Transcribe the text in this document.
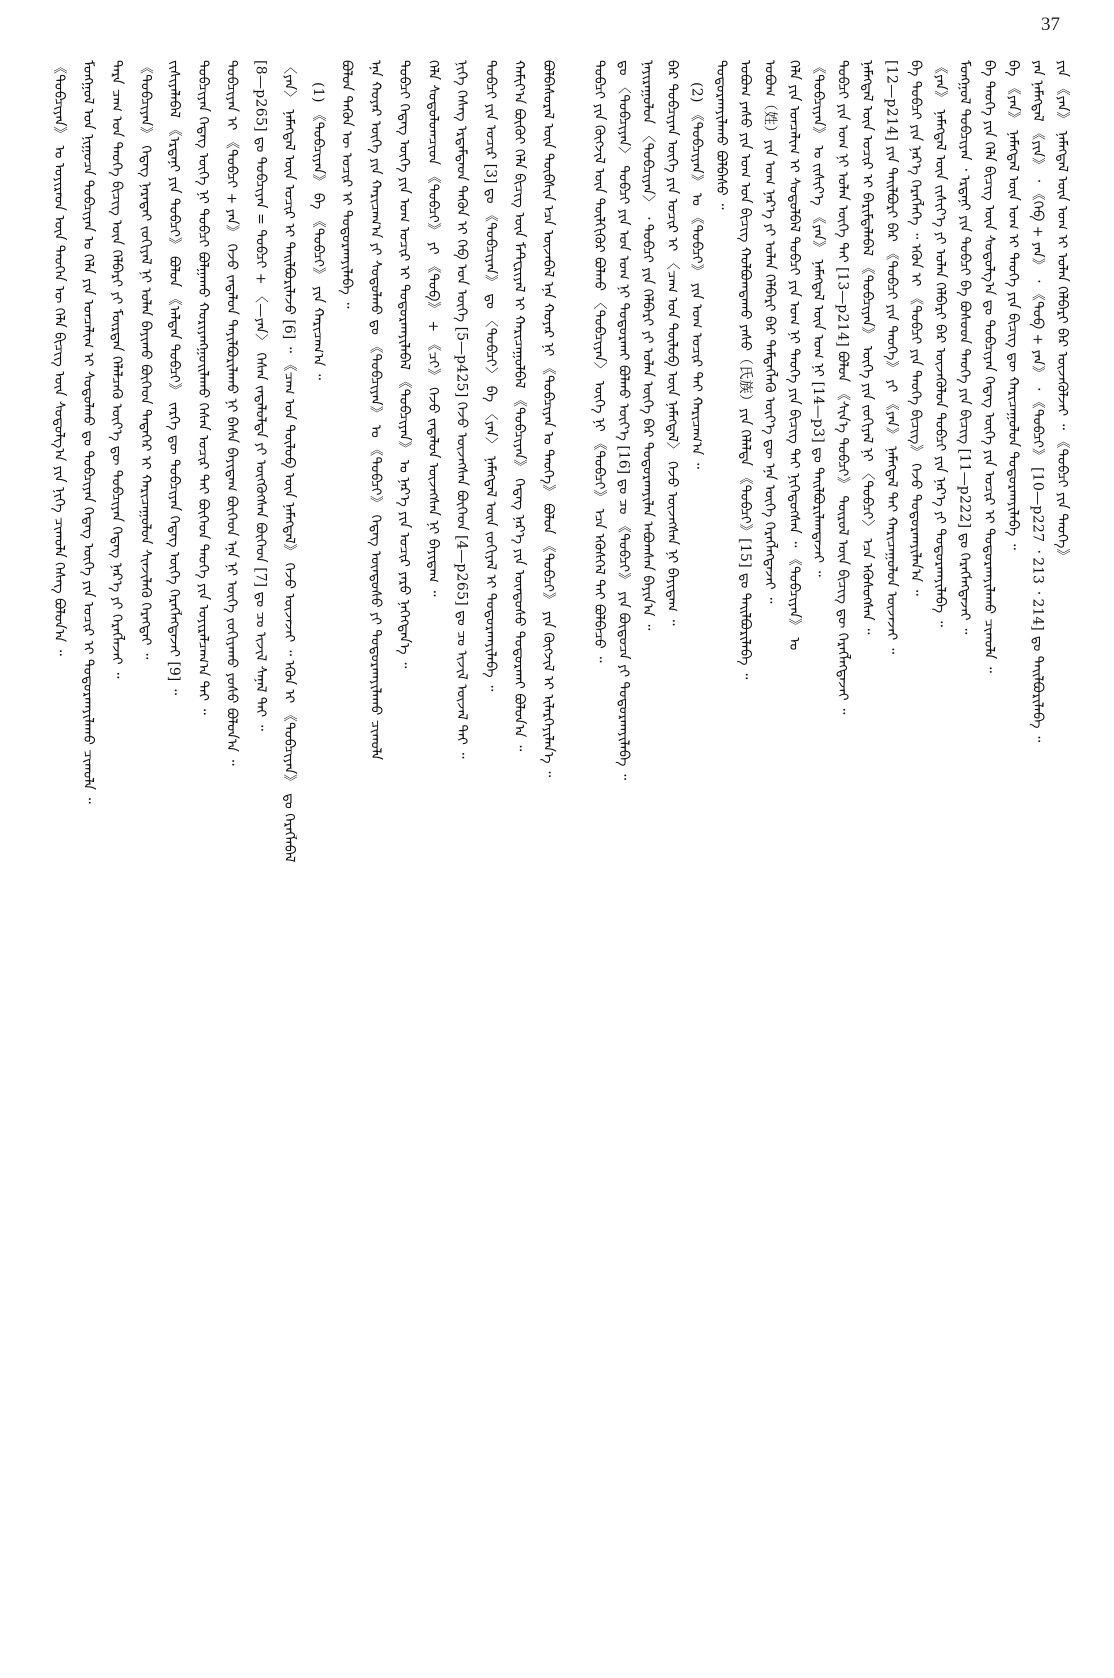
37
《ᠲᠣᠪᠴᠢᠶᠠᠨ》 ᠤ ᠣᠶᠢᠷᠠᠳ ᠦᠨ ᠲᠡᠦᠬᠡᠨ ᠦ ᠬᠡᠯᠡ ᠪᠢᠴᠢᠭ ᠦᠨ ᠰᠤᠳᠤᠯᠭ᠎ᠠ ᠶᠢᠨ ᠨᠢᠭᠡ ᠴᠢᠬᠤᠯᠠ ᠬᠡᠰᠡᠭ ᠪᠣᠯᠤᠨ᠎ᠠ ᠃ ᠮᠣᠩᠭᠣᠯ ᠤᠨ ᠨᠢᠭᠤᠴᠠ ᠲᠣᠪᠴᠢᠶᠠᠨ ᠤ ᠬᠡᠯᠡ ᠶᠢᠨ ᠣᠨᠴᠠᠯᠢᠭ ᠢ ᠰᠤᠳᠤᠯᠬᠤ ᠳᠤ ᠲᠣᠪᠴᠢᠶᠠᠨ ᠭᠡᠳᠡᠭ ᠦᠭᠡ ᠶᠢᠨ ᠤᠴᠢᠷ ᠢ ᠲᠣᠳᠣᠷᠬᠠᠶᠢᠯᠠᠬᠤ ᠴᠢᠬᠤᠯᠠ ᠃ ᠲᠡᠷᠡ ᠴᠠᠭ ᠤᠨ ᠲᠡᠦᠬᠡ ᠪᠢᠴᠢᠭ ᠦᠨ ᠬᠡᠯᠪᠡᠷᠢ ᠶᠢ ᠮᠥᠷᠳᠡᠨ ᠬᠡᠯᠡᠯᠴᠡᠬᠦ ᠦᠶ᠎ᠡ ᠳᠦ ᠲᠣᠪᠴᠢᠶᠠᠨ ᠭᠡᠳᠡᠭ ᠨᠡᠷ᠎ᠡ ᠶᠢ ᠬᠡᠷᠡᠭᠯᠡᠵᠡᠢ ᠃ 《ᠲᠣᠪᠴᠢᠶᠠᠨ》 ᠭᠡᠳᠡᠭ ᠨᠡᠷᠡᠲᠡᠢ ᠵᠣᠬᠢᠶᠠᠯ ᠨᠢ ᠣᠯᠠᠨ ᠪᠠᠶᠢᠬᠤ ᠪᠥᠭᠡᠳ ᠲᠡᠳᠡᠭᠡᠷ ᠢ ᠬᠠᠷᠢᠴᠠᠭᠤᠯᠤᠨ ᠰᠢᠨᠵᠢᠯᠡᠬᠦ ᠬᠡᠷᠡᠭᠲᠡᠢ ᠃ ᠵᠢᠱᠢᠶᠡᠯᠡᠪᠡᠯ 《ᠡᠷᠳᠡᠨᠢ ᠶᠢᠨ ᠲᠣᠪᠴᠢ》 ᠪᠣᠯᠤᠨ 《ᠠᠯᠲᠠᠨ ᠲᠣᠪᠴᠢ》 ᠵᠡᠷᠭᠡ ᠳᠦ ᠲᠣᠪᠴᠢᠶᠠᠨ ᠭᠡᠳᠡᠭ ᠦᠭᠡ ᠬᠡᠷᠡᠭᠯᠡᠭᠳᠡᠵᠡᠢ [9] ᠃ ᠲᠣᠪᠴᠢᠶᠠᠨ ᠭᠡᠳᠡᠭ ᠦᠭᠡ ᠨᠢ ᠲᠣᠪᠴᠢ ᠪᠣᠯᠭᠠᠬᠤ ᠬᠤᠷᠢᠶᠠᠩᠭᠤᠢᠯᠠᠬᠤ ᠭᠡᠰᠡᠨ ᠤᠴᠢᠷ ᠲᠠᠢ ᠪᠥᠭᠡᠳ ᠲᠡᠦᠬᠡ ᠶᠢᠨ ᠣᠶᠢᠷᠠᠯᠴᠠᠭ᠎ᠠ ᠲᠠᠢ ᠃ ᠲᠣᠪᠴᠢᠶᠠᠨ ᠢ 《ᠲᠣᠪᠴᠢ + ᠶᠠᠨ》 ᠭᠡᠵᠦ ᠵᠠᠳᠠᠯᠤᠨ ᠲᠠᠶᠢᠯᠪᠤᠷᠢᠯᠠᠬᠤ ᠨᠢ ᠪᠡᠰᠡ ᠪᠠᠶᠢᠳᠠᠭ ᠪᠥᠭᠡᠳ ᠡᠨᠡ ᠨᠢ ᠦᠭᠡ ᠵᠣᠬᠢᠶᠠᠬᠤ ᠶᠣᠰᠣ ᠪᠣᠯᠤᠨ᠎ᠠ ᠃ [8—p265] ᠳᠤ ᠲᠣᠪᠴᠢᠶᠠᠨ = ᠲᠣᠪᠴᠢ + 〈—ᠶᠠᠨ〉 ᠭᠡᠰᠡᠨ ᠵᠠᠳᠠᠯᠤᠯᠲᠠ ᠶᠢ ᠥᠭᠭᠦᠭᠰᠡᠨ ᠪᠥᠭᠡᠳ [7] ᠳᠤ ᠴᠤ ᠢᠵᠢᠯ ᠰᠠᠨᠠᠯ ᠲᠠᠢ ᠃ 〈ᠶᠠᠨ〉 ᠨᠡᠮᠡᠭᠳᠡᠯ ᠦᠨ ᠤᠴᠢᠷ ᠢ ᠲᠠᠢᠯᠪᠤᠷᠢᠯᠠᠵᠤ [6] ᠃ 《ᠴᠠᠭ ᠤᠨ ᠲᠥᠯᠥᠪ ᠦᠨ ᠨᠡᠮᠡᠭᠳᠡᠯ》 ᠭᠡᠵᠦ ᠦᠵᠡᠵᠡᠢ ᠃ ᠡᠭᠦᠨ ᠢ 《ᠲᠣᠪᠴᠢᠶᠠᠨ》 ᠳᠤ ᠬᠡᠷᠡᠭᠯᠡᠪᠡᠯ (1) 《ᠲᠣᠪᠴᠢᠶᠠᠨ》 ᠪᠠ 《ᠲᠣᠪᠴᠢ》 ᠶᠢᠨ ᠬᠠᠷᠢᠴᠠᠭ᠎ᠠ ᠃ ᠪᠣᠯᠤᠨ ᠲᠡᠭᠦᠨ ᠦ ᠤᠴᠢᠷ ᠢ ᠲᠣᠳᠣᠷᠬᠠᠶᠢᠯᠠᠪᠠ ᠃ ᠡᠨᠡ ᠬᠣᠶᠠᠷ ᠦᠭᠡ ᠶᠢᠨ ᠬᠠᠷᠢᠴᠠᠭ᠎ᠠ ᠶᠢ ᠰᠤᠳᠤᠯᠬᠤ ᠳᠤ 《ᠲᠣᠪᠴᠢᠶᠠᠨ》 ᠤ 《ᠲᠣᠪᠴᠢ》 ᠭᠡᠳᠡᠭ ᠦᠨᠳᠦᠰᠦ ᠶᠢ ᠲᠣᠳᠣᠷᠬᠠᠶᠢᠯᠠᠬᠤ ᠴᠢᠬᠤᠯᠠ ᠲᠣᠪᠴᠢ ᠭᠡᠳᠡᠭ ᠦᠭᠡ ᠶᠢᠨ ᠤᠭ ᠤᠴᠢᠷ ᠢ ᠲᠣᠳᠣᠷᠬᠠᠶᠢᠯᠠᠪᠠᠯ 《ᠲᠣᠪᠴᠢᠶᠠᠨ》 ᠤ ᠨᠡᠷ᠎ᠡ ᠶᠢᠨ ᠤᠴᠢᠷ ᠶᠡᠷᠦ ᠨᠡᠭᠡᠭᠳᠡᠨ᠎ᠡ ᠃ ᠬᠡᠯᠡ ᠰᠤᠳᠤᠯᠤᠭᠴᠢᠳ 《ᠲᠣᠪᠴᠢ》 ᠶᠢ 《ᠲᠣᠪ》 + 《ᠴᠢ》 ᠭᠡᠵᠦ ᠵᠠᠳᠠᠯᠤᠨ ᠦᠵᠡᠭᠰᠡᠨ ᠨᠢ ᠪᠠᠶᠢᠳᠠᠭ ᠃ ᠨᠢᠭᠡ ᠬᠡᠰᠡᠭ ᠡᠷᠳᠡᠮᠲᠡᠳ ᠲᠡᠭᠦᠨ ᠢ ᠬᠡᠪ ᠤᠨ ᠦᠭᠡ [5—p425] ᠭᠡᠵᠦ ᠦᠵᠡᠭᠰᠡᠨ ᠪᠥᠭᠡᠳ [4—p265] ᠳᠤ ᠴᠤ ᠢᠵᠢᠯ ᠦᠵᠡᠯ ᠲᠠᠢ ᠃ ᠲᠣᠪᠴᠢ ᠶᠢᠨ ᠤᠴᠢᠷ [3] ᠳᠤ 《ᠲᠣᠪᠴᠢᠶᠠᠨ》 ᠳᠤ 〈ᠲᠣᠪᠴᠢ〉 ᠪᠠ 〈ᠶᠠᠨ〉 ᠨᠡᠮᠡᠭᠳᠡᠯ ᠦᠨ ᠵᠣᠬᠢᠶᠠᠯ ᠢ ᠲᠣᠳᠣᠷᠬᠠᠶᠢᠯᠠᠪᠠ ᠃ ᠬᠠᠮᠢᠶ᠎ᠠ ᠪᠦᠬᠦᠢ ᠬᠡᠯᠡ ᠪᠢᠴᠢᠭ ᠦᠨ ᠮᠠᠲᠧᠷᠢᠶᠠᠯ ᠢ ᠬᠠᠷᠢᠴᠠᠭᠤᠯᠪᠠᠯ 《ᠲᠣᠪᠴᠢᠶᠠᠨ》 ᠭᠡᠳᠡᠭ ᠨᠡᠷ᠎ᠡ ᠶᠢᠨ ᠦᠨᠳᠦᠰᠦ ᠲᠣᠳᠣᠷᠬᠠᠢ ᠪᠣᠯᠤᠨ᠎ᠠ ᠃ ᠪᠣᠯᠪᠠᠰᠤᠷᠠᠯ ᠦᠨ ᠲᠦᠪᠰᠢᠨ ᠡᠴᠡ ᠦᠵᠡᠪᠡᠯ ᠡᠨᠡ ᠬᠣᠶᠠᠷ ᠨᠢ 《ᠲᠣᠪᠴᠢᠶᠠᠨ ᠤ ᠲᠡᠦᠬᠡ》 ᠪᠣᠯᠤᠨ 《ᠲᠣᠪᠴᠢ》 ᠶᠢᠨ ᠬᠥᠭᠵᠢᠯ ᠢ ᠢᠯᠡᠷᠬᠡᠶᠢᠯᠡᠨ᠎ᠡ ᠃	ᠲᠣᠪᠴᠢ ᠶᠢᠨ ᠬᠥᠭᠵᠢᠯ ᠦᠨ ᠲᠦᠯᠬᠢᠭᠦᠷ ᠪᠣᠯᠬᠤ 〈ᠲᠣᠪᠴᠢᠶᠠᠨ〉 ᠦᠭᠡ ᠨᠢ 《ᠲᠣᠪᠴᠢ》 ᠡᠴᠡ ᠡᠭᠦᠰᠬᠡᠯ ᠲᠠᠢ ᠪᠣᠯᠪᠠᠴᠤ ᠃ ᠳᠤ 〈ᠲᠣᠪᠴᠢᠶᠠᠨ〉 ᠲᠣᠪᠴᠢ ᠶᠢᠨ ᠤᠨ ᠤᠭ ᠨᠢ ᠲᠣᠳᠣᠷᠬᠠᠢ ᠪᠣᠯᠬᠤ ᠦᠶ᠎ᠡ [16] ᠳᠤ ᠴᠤ 《ᠲᠣᠪᠴᠢ》 ᠶᠢᠨ ᠪᠦᠲᠦᠴᠡ ᠶᠢ ᠲᠣᠳᠣᠷᠬᠠᠶᠢᠯᠠᠪᠠ ᠃ ᠨᠠᠶᠢᠷᠠᠭᠤᠯᠤᠨ 〈ᠲᠣᠪᠴᠢᠶᠠᠨ〉 ᠂ ᠲᠣᠪᠴᠢ ᠶᠢᠨ ᠬᠡᠯᠪᠡᠷᠢ ᠶᠢ ᠣᠯᠠᠨ ᠦᠭᠡ ᠪᠡᠷ ᠲᠣᠳᠣᠷᠬᠠᠶᠢᠯᠠᠨ ᠠᠪᠤᠭᠰᠠᠨ ᠪᠠᠶᠢᠨ᠎ᠠ ᠃ ᠪᠡᠷ ᠲᠣᠪᠴᠢᠶᠠᠨ ᠦᠭᠡ ᠶᠢᠨ ᠤᠴᠢᠷ ᠢ 〈ᠴᠠᠭ ᠤᠨ ᠲᠥᠯᠥᠪ ᠦᠨ ᠨᠡᠮᠡᠭᠳᠡᠯ〉 ᠭᠡᠵᠦ ᠦᠵᠡᠭᠰᠡᠨ ᠨᠢ ᠪᠠᠶᠢᠳᠠᠭ ᠃ (2) 《ᠲᠣᠪᠴᠢᠶᠠᠨ》 ᠤ 《ᠲᠣᠪᠴᠢ》 ᠶᠢᠨ ᠤᠭ ᠤᠴᠢᠷ ᠲᠠᠢ ᠬᠠᠷᠢᠴᠠᠭ᠎ᠠ ᠃ ᠲᠣᠳᠣᠷᠬᠠᠶᠢᠯᠠᠬᠤ ᠪᠣᠯᠪᠠᠰᠤ ᠃ ᠣᠪᠣᠭ ᠶᠠᠰᠤ ᠶᠢᠨ ᠤᠭ ᠤᠨ ᠪᠢᠴᠢᠭ ᠬᠣᠯᠪᠣᠭᠳᠠᠬᠤ ᠶᠠᠰᠤ（氏族）ᠶᠢᠨ ᠬᠡᠯᠡᠯᠲᠡ 《ᠲᠣᠪᠴᠢ》[15] ᠳᠤ ᠲᠠᠢᠯᠪᠤᠷᠢᠯᠠᠪᠠ ᠃ ᠣᠪᠣᠭ（姓）ᠶᠢᠨ ᠤᠭ ᠨᠡᠷ᠎ᠡ ᠶᠢ ᠣᠯᠠᠨ ᠬᠡᠯᠪᠡᠷᠢ ᠪᠡᠷ ᠲᠡᠮᠳᠡᠭᠯᠡᠬᠦ ᠦᠶ᠎ᠡ ᠳᠦ ᠡᠨᠡ ᠦᠭᠡ ᠬᠡᠷᠡᠭᠯᠡᠭᠳᠡᠵᠡᠢ ᠃ ᠬᠡᠯᠡ ᠶᠢᠨ ᠣᠨᠴᠠᠯᠢᠭ ᠢ ᠰᠤᠳᠤᠯᠪᠠᠯ ᠲᠣᠪᠴᠢ ᠶᠢᠨ ᠤᠭ ᠨᠢ ᠲᠡᠦᠬᠡ ᠶᠢᠨ ᠪᠢᠴᠢᠭ ᠲᠠᠢ ᠨᠢᠭᠡᠳᠦᠭᠰᠡᠨ ᠃ 《ᠲᠣᠪᠴᠢᠶᠠᠨ》 ᠤ 《ᠲᠣᠪᠴᠢᠶᠠᠨ》 ᠤ ᠵᠢᠱᠢᠶ᠎ᠡ 《ᠶᠠᠨ》 ᠨᠡᠮᠡᠭᠳᠡᠯ ᠦᠨ ᠤᠭ ᠨᠢ [14—p3] ᠳᠤ ᠲᠠᠢᠯᠪᠤᠷᠢᠯᠠᠭᠳᠠᠵᠠᠢ ᠃ ᠲᠣᠪᠴᠢ ᠶᠢᠨ ᠤᠭ ᠨᠢ ᠣᠯᠠᠨ ᠦᠭᠡ ᠲᠠᠢ [13—p214] ᠪᠣᠯᠤᠨ 《ᠰᠢᠨ᠎ᠡ ᠲᠣᠪᠴᠢ》 ᠲᠥᠷᠥᠯ ᠦᠨ ᠪᠢᠴᠢᠭ ᠳᠦ ᠬᠡᠷᠡᠭᠯᠡᠭᠳᠡᠵᠡᠢ ᠃ ᠨᠡᠮᠡᠭᠳᠡᠯ ᠦᠨ ᠤᠴᠢᠷ ᠢ ᠪᠠᠷᠢᠮᠲᠠᠯᠠᠪᠠᠯ 《ᠲᠣᠪᠴᠢᠶᠠᠨ》 ᠦᠭᠡ ᠶᠢᠨ ᠵᠣᠬᠢᠶᠠᠯ ᠨᠢ 〈ᠲᠣᠪᠴᠢ〉 ᠡᠴᠡ ᠡᠭᠦᠰᠦᠭᠰᠡᠨ ᠃ [12—p214] ᠶᠢᠨ ᠲᠠᠢᠯᠪᠤᠷᠢ ᠪᠡᠷ 《ᠲᠣᠪᠴᠢ ᠶᠢᠨ ᠲᠡᠦᠬᠡ》 ᠶᠢ 《ᠶᠠᠨ》 ᠨᠡᠮᠡᠭᠳᠡᠯ ᠲᠡᠢ ᠬᠠᠷᠢᠴᠠᠭᠤᠯᠤᠨ ᠦᠵᠡᠵᠡᠢ ᠃ ᠪᠠ ᠲᠣᠪᠴᠢ ᠶᠢᠨ ᠨᠡᠷ᠎ᠡ ᠬᠡᠷᠡᠭᠯᠡᠭᠡ ᠃ ᠡᠭᠦᠨ ᠢ 《ᠲᠣᠪᠴᠢ ᠶᠢᠨ ᠲᠡᠦᠬᠡ ᠪᠢᠴᠢᠭ》 ᠭᠡᠵᠦ ᠲᠣᠳᠣᠷᠬᠠᠶᠢᠯᠠᠨ᠎ᠠ ᠃ 《ᠶᠠᠨ》 ᠨᠡᠮᠡᠭᠳᠡᠯ ᠦᠨ ᠵᠢᠱᠢᠶ᠎ᠡ ᠶᠢ ᠣᠯᠠᠨ ᠬᠡᠯᠪᠡᠷᠢ ᠪᠡᠷ ᠦᠵᠡᠭᠦᠯᠦᠨ ᠲᠣᠪᠴᠢ ᠶᠢᠨ ᠨᠡᠷ᠎ᠡ ᠶᠢ ᠲᠣᠳᠣᠷᠬᠠᠶᠢᠯᠠᠪᠠ ᠃ ᠮᠣᠩᠭᠣᠯ ᠲᠣᠪᠴᠢᠶᠠᠨ ᠂ ᠡᠷᠳᠡᠨᠢ ᠶᠢᠨ ᠲᠣᠪᠴᠢ ᠪᠠ ᠪᠤᠰᠤᠳ ᠲᠡᠦᠬᠡ ᠶᠢᠨ ᠪᠢᠴᠢᠭ [11—p222] ᠳᠤ ᠬᠡᠷᠡᠭᠯᠡᠭᠳᠡᠵᠡᠢ ᠃ ᠪᠠ ᠲᠡᠦᠬᠡ ᠶᠢᠨ ᠬᠡᠯᠡ ᠪᠢᠴᠢᠭ ᠦᠨ ᠰᠤᠳᠤᠯᠭ᠎ᠠ ᠳᠤ ᠲᠣᠪᠴᠢᠶᠠᠨ ᠭᠡᠳᠡᠭ ᠦᠭᠡ ᠶᠢᠨ ᠤᠴᠢᠷ ᠢ ᠲᠣᠳᠣᠷᠬᠠᠶᠢᠯᠠᠬᠤ ᠴᠢᠬᠤᠯᠠ ᠃ ᠪᠠ 《ᠶᠠᠨ》 ᠨᠡᠮᠡᠭᠳᠡᠯ ᠦᠨ ᠤᠭ ᠢ ᠲᠡᠦᠬᠡ ᠶᠢᠨ ᠪᠢᠴᠢᠭ ᠳᠦ ᠬᠠᠷᠢᠴᠠᠭᠤᠯᠤᠨ ᠲᠣᠳᠣᠷᠬᠠᠶᠢᠯᠠᠪᠠ ᠃ ᠶᠠᠨ ᠨᠡᠮᠡᠭᠳᠡᠯ 《ᠶᠢᠨ》 ᠂ 《ᠬᠡᠪ + ᠶᠠᠨ》 ᠂ 《ᠲᠣᠪ + ᠶᠠᠨ》 ᠂ 《ᠲᠣᠪᠴᠢ》 [10—p227 ᠂ 213 ᠂ 214] ᠳᠤ ᠲᠠᠢᠯᠪᠤᠷᠢᠯᠠᠪᠠ ᠃ ᠶᠢᠨ 《ᠶᠠᠨ》 ᠨᠡᠮᠡᠭᠳᠡᠯ ᠦᠨ ᠤᠭ ᠢ ᠣᠯᠠᠨ ᠬᠡᠯᠪᠡᠷᠢ ᠪᠡᠷ ᠦᠵᠡᠭᠦᠯᠵᠡᠢ ᠃ 《ᠲᠣᠪᠴᠢ ᠶᠢᠨ ᠲᠡᠦᠬᠡ》
